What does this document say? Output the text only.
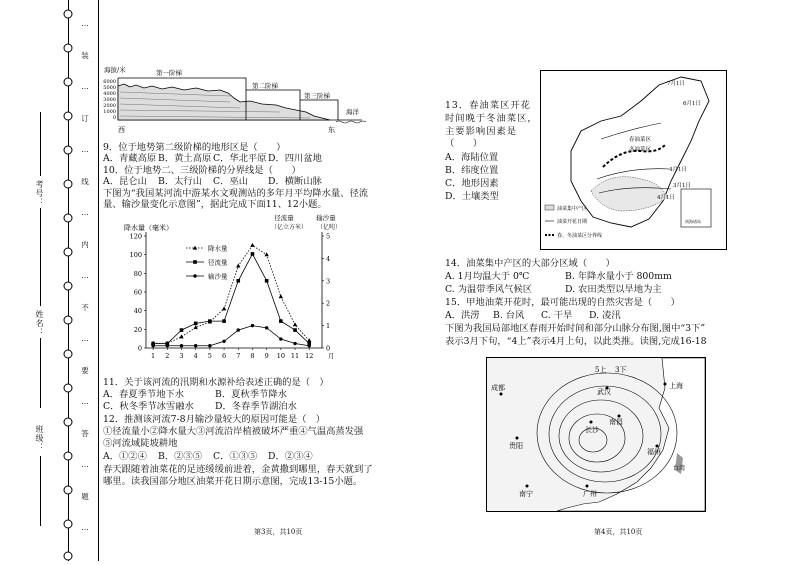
考号：
姓名：
班级：
…
装
…
订
…
线
…
内
…
不
…
要
…
答
…
题
…
海拔/米
6000
5000
4000
3000
2000
1000
0
第一阶梯
第二阶梯
第三阶梯
海洋
西	东
9．位于地势第二级阶梯的地形区是（　　）
A．青藏高原 B．黄土高原 C．华北平原D．四川盆地
10．位于地势二、三级阶梯的分界线是（　　）
A．昆仑山 B．太行山 C．巫山 D．横断山脉
下图为“我国某河流中游某水文观测站的多年月平均降水量、径流
量、输沙量变化示意图”，据此完成下面11、12小题。
降水量（毫米）
径流量	输沙量
0
20
40
60
80
100
120
0
1
2
3
4
5
1 2 3 4 5 6 7 8 9 10 11 12 月
降水量
径流量
输沙量
（亿立方米） （亿吨）
11．关于该河流的汛期和水源补给表述正确的是（　）
A．春夏季节地下水	B．夏秋季节降水
C．秋冬季节冰雪融水 D．冬春季节湖泊水
12．推测该河流7-8月输沙量较大的原因可能是（　）
①径流量小②降水量大③河流沿岸植被破坏严重④气温高蒸发强
⑤河流域陡坡耕地
A．①②④ B．②③⑤ C．①③⑤ D．②③④
春天跟随着油菜花的足迹缓缓前进着，金黄撒到哪里，春天就到了
哪里。读我国部分地区油菜开花日期示意图，完成13-15小题。
第3页，共10页
13．春油菜区开花
时间晚于冬油菜区，
主要影响因素是
（　　）
A．海陆位置
B．纬度位置
C．地形因素
D．土壤类型
7月1日
6月1日
4月1日
3月1日
4月1日
春油菜区
冬油菜区
南海诸岛
油菜集中产区
油菜开花日期
春、冬油菜区分界线
14．油菜集中产区的大部分区域（　　）
A. 1月均温大于 0℃	B. 年降水量小于 800mm
C. 为温带季风气候区	D. 农田类型以旱地为主
15．甲地油菜开花时，最可能出现的自然灾害是（　　）
A．洪涝 B. 台风 C. 干旱 D. 凌汛
下图为我国局部地区春雨开始时间和部分山脉分布图,图中“3下”
表示3月下旬，“4上”表示4月上旬，以此类推。读图,完成16-18
成都	武汉
上海
南昌
长沙
贵阳
福州
南宁	广州
5上 3下
台湾
第4页，共10页
